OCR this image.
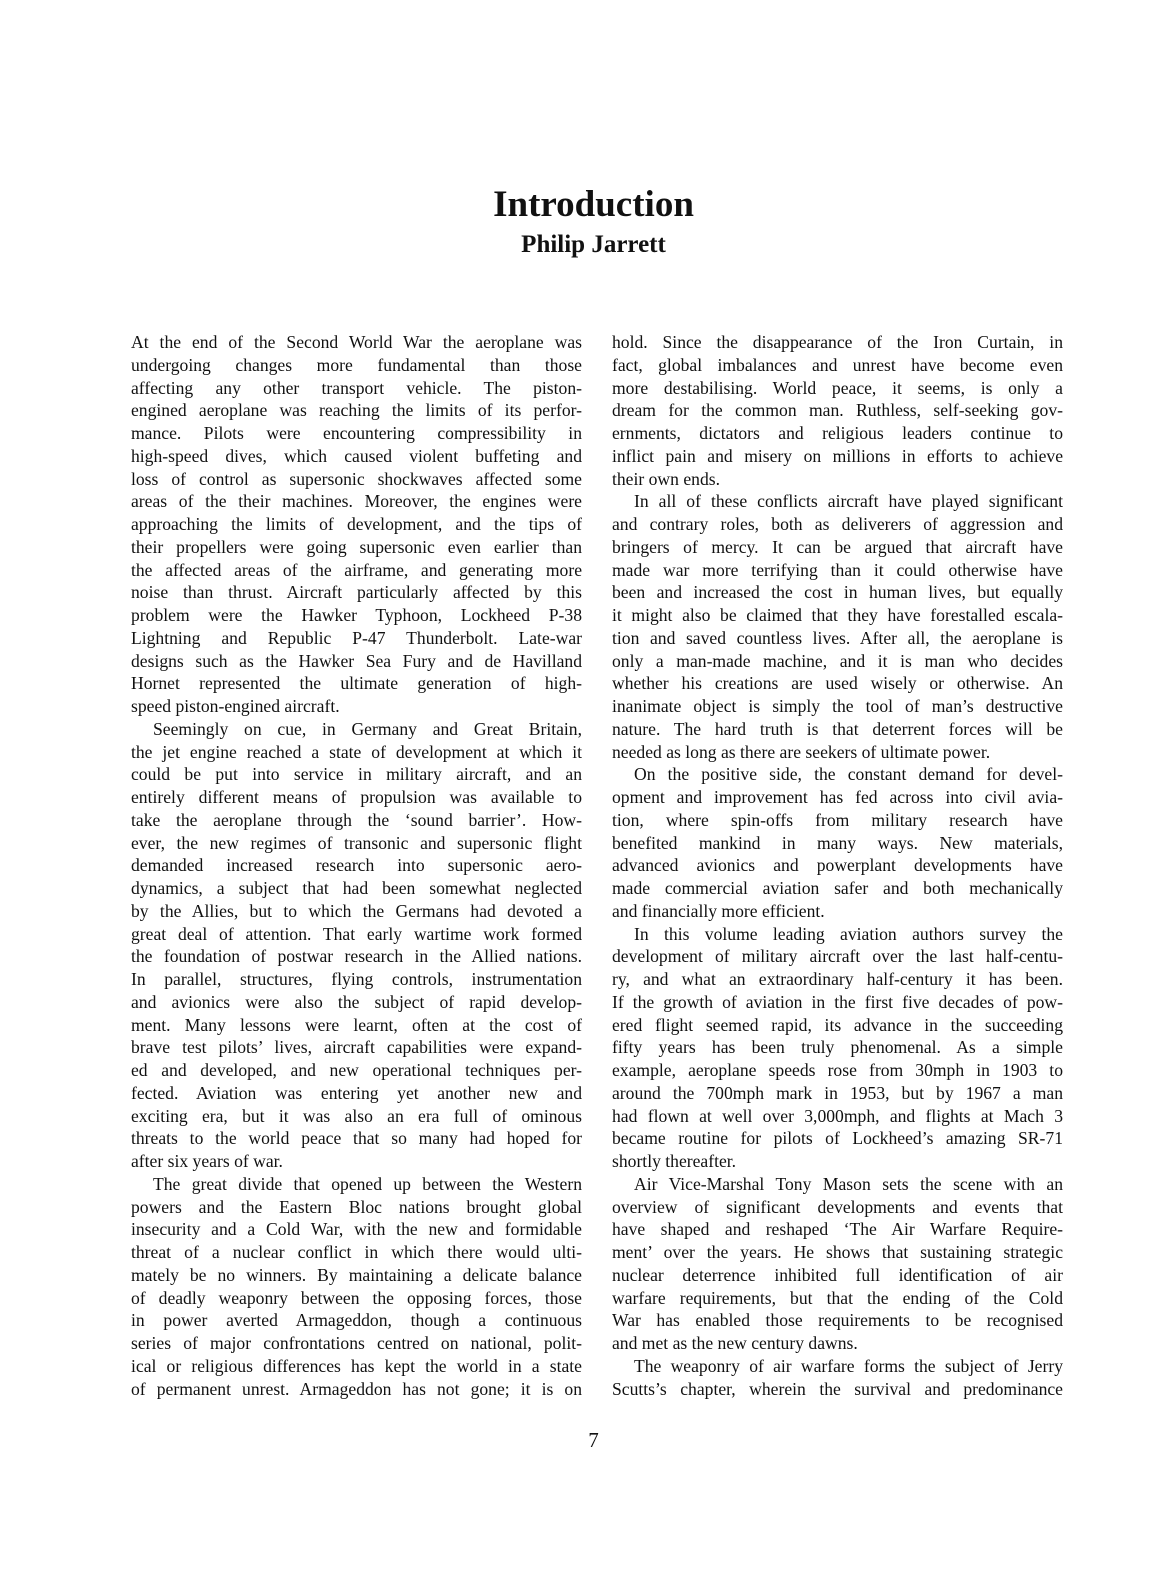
Introduction
Philip Jarrett
At the end of the Second World War the aeroplane was
undergoing changes more fundamental than those
affecting any other transport vehicle. The piston-
engined aeroplane was reaching the limits of its perfor-
mance. Pilots were encountering compressibility in
high-speed dives, which caused violent buffeting and
loss of control as supersonic shockwaves affected some
areas of the their machines. Moreover, the engines were
approaching the limits of development, and the tips of
their propellers were going supersonic even earlier than
the affected areas of the airframe, and generating more
noise than thrust. Aircraft particularly affected by this
problem were the Hawker Typhoon, Lockheed P-38
Lightning and Republic P-47 Thunderbolt. Late-war
designs such as the Hawker Sea Fury and de Havilland
Hornet represented the ultimate generation of high-
speed piston-engined aircraft.
Seemingly on cue, in Germany and Great Britain,
the jet engine reached a state of development at which it
could be put into service in military aircraft, and an
entirely different means of propulsion was available to
take the aeroplane through the ‘sound barrier’. How-
ever, the new regimes of transonic and supersonic flight
demanded increased research into supersonic aero-
dynamics, a subject that had been somewhat neglected
by the Allies, but to which the Germans had devoted a
great deal of attention. That early wartime work formed
the foundation of postwar research in the Allied nations.
In parallel, structures, flying controls, instrumentation
and avionics were also the subject of rapid develop-
ment. Many lessons were learnt, often at the cost of
brave test pilots’ lives, aircraft capabilities were expand-
ed and developed, and new operational techniques per-
fected. Aviation was entering yet another new and
exciting era, but it was also an era full of ominous
threats to the world peace that so many had hoped for
after six years of war.
The great divide that opened up between the Western
powers and the Eastern Bloc nations brought global
insecurity and a Cold War, with the new and formidable
threat of a nuclear conflict in which there would ulti-
mately be no winners. By maintaining a delicate balance
of deadly weaponry between the opposing forces, those
in power averted Armageddon, though a continuous
series of major confrontations centred on national, polit-
ical or religious differences has kept the world in a state
of permanent unrest. Armageddon has not gone; it is on
hold. Since the disappearance of the Iron Curtain, in
fact, global imbalances and unrest have become even
more destabilising. World peace, it seems, is only a
dream for the common man. Ruthless, self-seeking gov-
ernments, dictators and religious leaders continue to
inflict pain and misery on millions in efforts to achieve
their own ends.
In all of these conflicts aircraft have played significant
and contrary roles, both as deliverers of aggression and
bringers of mercy. It can be argued that aircraft have
made war more terrifying than it could otherwise have
been and increased the cost in human lives, but equally
it might also be claimed that they have forestalled escala-
tion and saved countless lives. After all, the aeroplane is
only a man-made machine, and it is man who decides
whether his creations are used wisely or otherwise. An
inanimate object is simply the tool of man’s destructive
nature. The hard truth is that deterrent forces will be
needed as long as there are seekers of ultimate power.
On the positive side, the constant demand for devel-
opment and improvement has fed across into civil avia-
tion, where spin-offs from military research have
benefited mankind in many ways. New materials,
advanced avionics and powerplant developments have
made commercial aviation safer and both mechanically
and financially more efficient.
In this volume leading aviation authors survey the
development of military aircraft over the last half-centu-
ry, and what an extraordinary half-century it has been.
If the growth of aviation in the first five decades of pow-
ered flight seemed rapid, its advance in the succeeding
fifty years has been truly phenomenal. As a simple
example, aeroplane speeds rose from 30mph in 1903 to
around the 700mph mark in 1953, but by 1967 a man
had flown at well over 3,000mph, and flights at Mach 3
became routine for pilots of Lockheed’s amazing SR-71
shortly thereafter.
Air Vice-Marshal Tony Mason sets the scene with an
overview of significant developments and events that
have shaped and reshaped ‘The Air Warfare Require-
ment’ over the years. He shows that sustaining strategic
nuclear deterrence inhibited full identification of air
warfare requirements, but that the ending of the Cold
War has enabled those requirements to be recognised
and met as the new century dawns.
The weaponry of air warfare forms the subject of Jerry
Scutts’s chapter, wherein the survival and predominance
7
